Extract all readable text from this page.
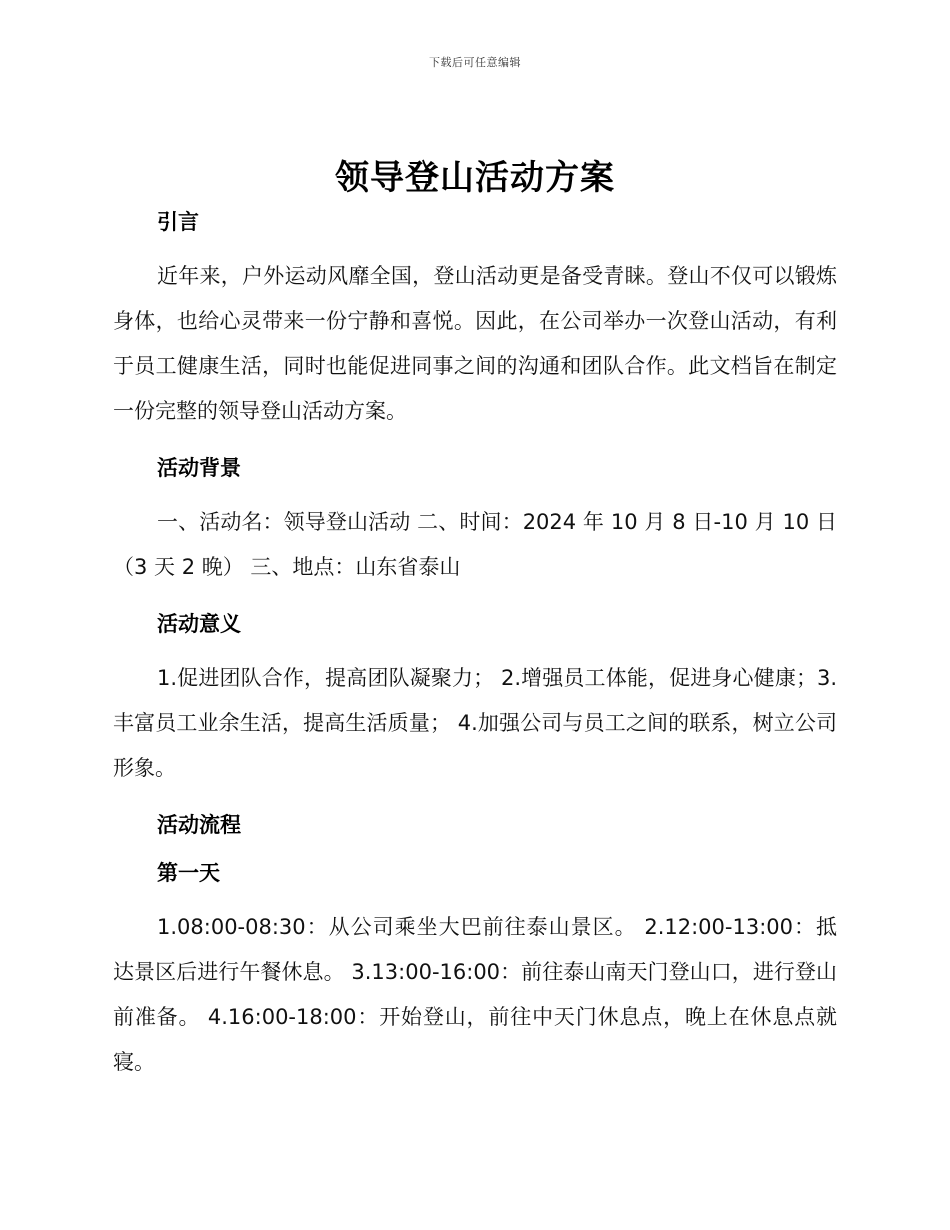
下载后可任意编辑
领导登山活动方案
引言

近年来，户外运动风靡全国，登山活动更是备受青睐。登山不仅可以锻炼身体，也给心灵带来一份宁静和喜悦。因此，在公司举办一次登山活动，有利于员工健康生活，同时也能促进同事之间的沟通和团队合作。此文档旨在制定一份完整的领导登山活动方案。

活动背景

一、活动名：领导登山活动 二、时间：2024 年 10 月 8 日-10 月 10 日（3 天 2 晚） 三、地点：山东省泰山

活动意义

1.促进团队合作，提高团队凝聚力； 2.增强员工体能，促进身心健康；3.丰富员工业余生活，提高生活质量； 4.加强公司与员工之间的联系，树立公司形象。

活动流程
第一天

1.08:00-08:30：从公司乘坐大巴前往泰山景区。 2.12:00-13:00：抵达景区后进行午餐休息。 3.13:00-16:00：前往泰山南天门登山口，进行登山前准备。 4.16:00-18:00：开始登山，前往中天门休息点，晚上在休息点就寝。
